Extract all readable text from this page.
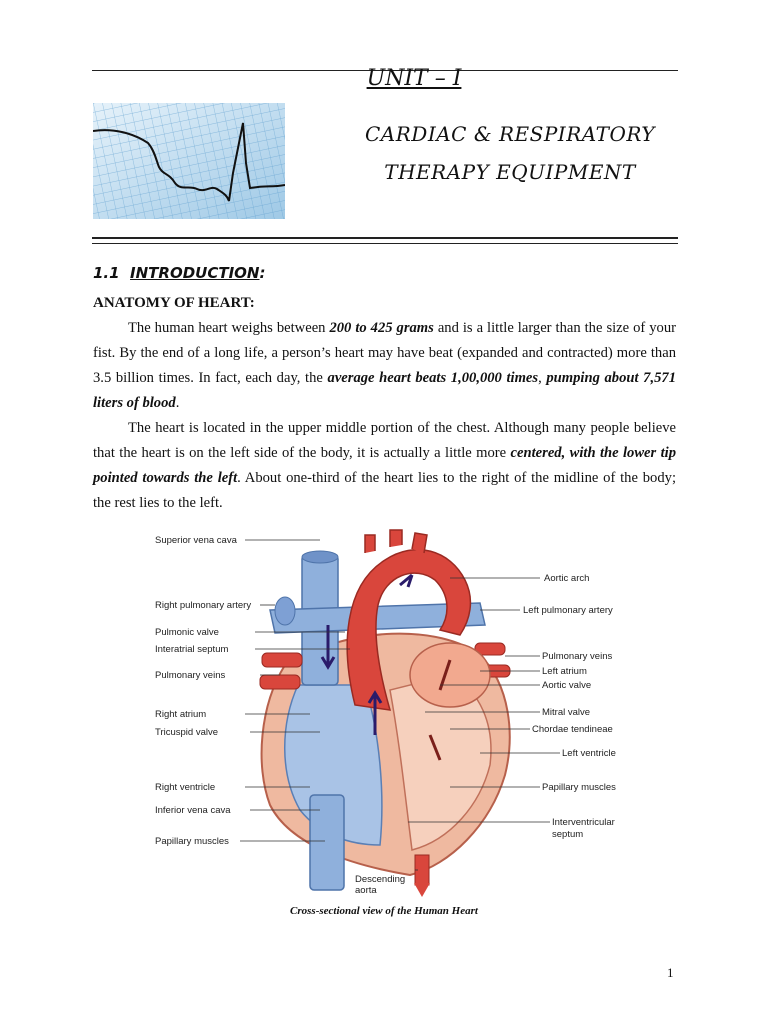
UNIT – I
CARDIAC & RESPIRATORY
THERAPY EQUIPMENT
1.1 INTRODUCTION:
ANATOMY OF HEART:
The human heart weighs between 200 to 425 grams and is a little larger than the size of your fist. By the end of a long life, a person’s heart may have beat (expanded and contracted) more than 3.5 billion times. In fact, each day, the average heart beats 1,00,000 times, pumping about 7,571 liters of blood.
The heart is located in the upper middle portion of the chest. Although many people believe that the heart is on the left side of the body, it is actually a little more centered, with the lower tip pointed towards the left. About one-third of the heart lies to the right of the midline of the body; the rest lies to the left.
Superior vena cava
Right pulmonary artery
Pulmonic valve
Interatrial septum
Pulmonary veins
Right atrium
Tricuspid valve
Right ventricle
Inferior vena cava
Papillary muscles
Aortic arch
Left pulmonary artery
Pulmonary veins
Left atrium
Aortic valve
Mitral valve
Chordae tendineae
Left ventricle
Papillary muscles
Interventricular
septum
Descending
aorta
Cross-sectional view of the Human Heart
1
